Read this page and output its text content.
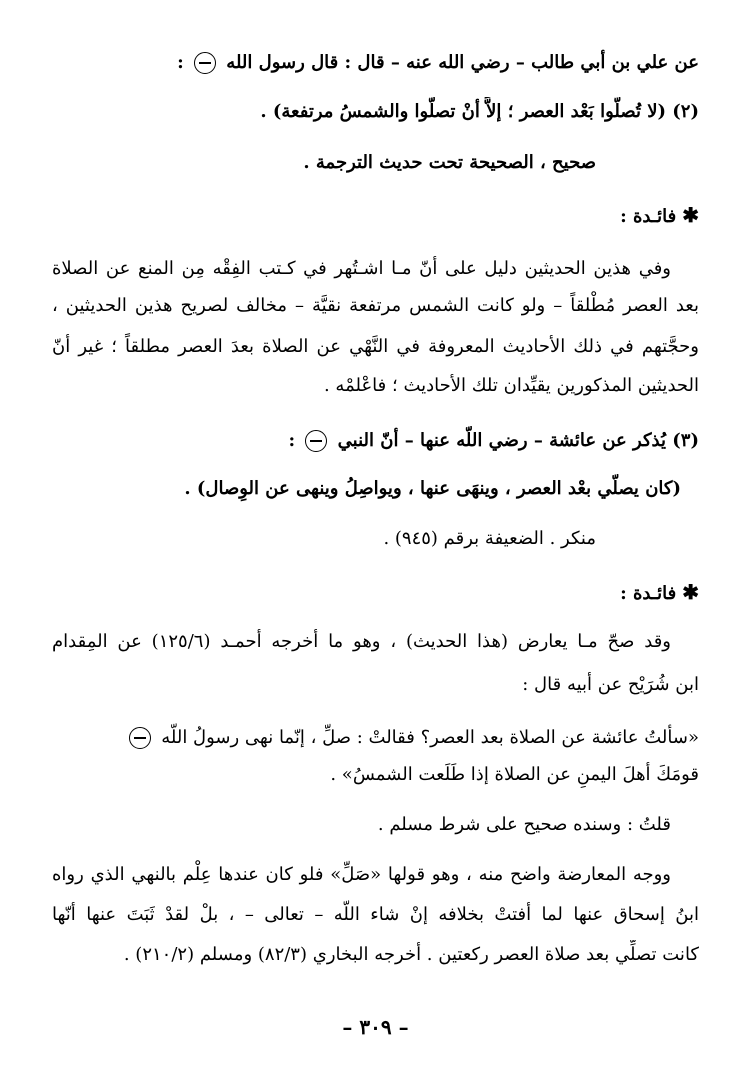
عن علي بن أبي طالب – رضي الله عنه – قال : قال رسول الله  :
(٢) (لا تُصلُّوا بَعْد العصر ؛ إلاَّ أنْ تصلُّوا والشمسُ مرتفعة) .
صحيح ، الصحيحة تحت حديث الترجمة .
✱فائـدة :
وفي هذين الحديثين دليل على أنّ مـا اشـتُهر في كـتب الفِقْه مِن المنع عن الصلاة
بعد العصر مُطْلقاً – ولو كانت الشمس مرتفعة نقيَّة – مخالف لصريح هذين الحديثين ،
وحجَّتهم في ذلك الأحاديث المعروفة في النَّهْي عن الصلاة بعدَ العصر مطلقاً ؛ غير أنّ
الحديثين المذكورين يقيِّدان تلك الأحاديث ؛ فاعْلمْه .
(٣) يُذكر عن عائشة – رضي اللّه عنها – أنّ النبي  :
(كان يصلّي بعْد العصر ، وينهَى عنها ، ويواصِلُ وينهى عن الوِصال) .
منكر . الضعيفة برقم (٩٤٥) .
✱فائـدة :
وقد صحّ مـا يعارض (هذا الحديث) ، وهو ما أخرجه أحمـد (١٢٥/٦) عن المِقدام
ابن شُرَيْح عن أبيه قال :
«سألتُ عائشة عن الصلاة بعد العصر؟ فقالتْ : صلِّ ، إنّما نهى رسولُ اللّه
قومَكَ أهلَ اليمنِ عن الصلاة إذا طَلَعت الشمسُ» .
قلتُ : وسنده صحيح على شرط مسلم .
ووجه المعارضة واضح منه ، وهو قولها «صَلِّ» فلو كان عندها عِلْم بالنهي الذي رواه
ابنُ إسحاق عنها لما أفتتْ بخلافه إنْ شاء اللّه – تعالى – ، بلْ لقدْ ثَبَتَ عنها أنّها
كانت تصلِّي بعد صلاة العصر ركعتين . أخرجه البخاري (٨٢/٣) ومسلم (٢١٠/٢) .
– ٣٠٩ –
